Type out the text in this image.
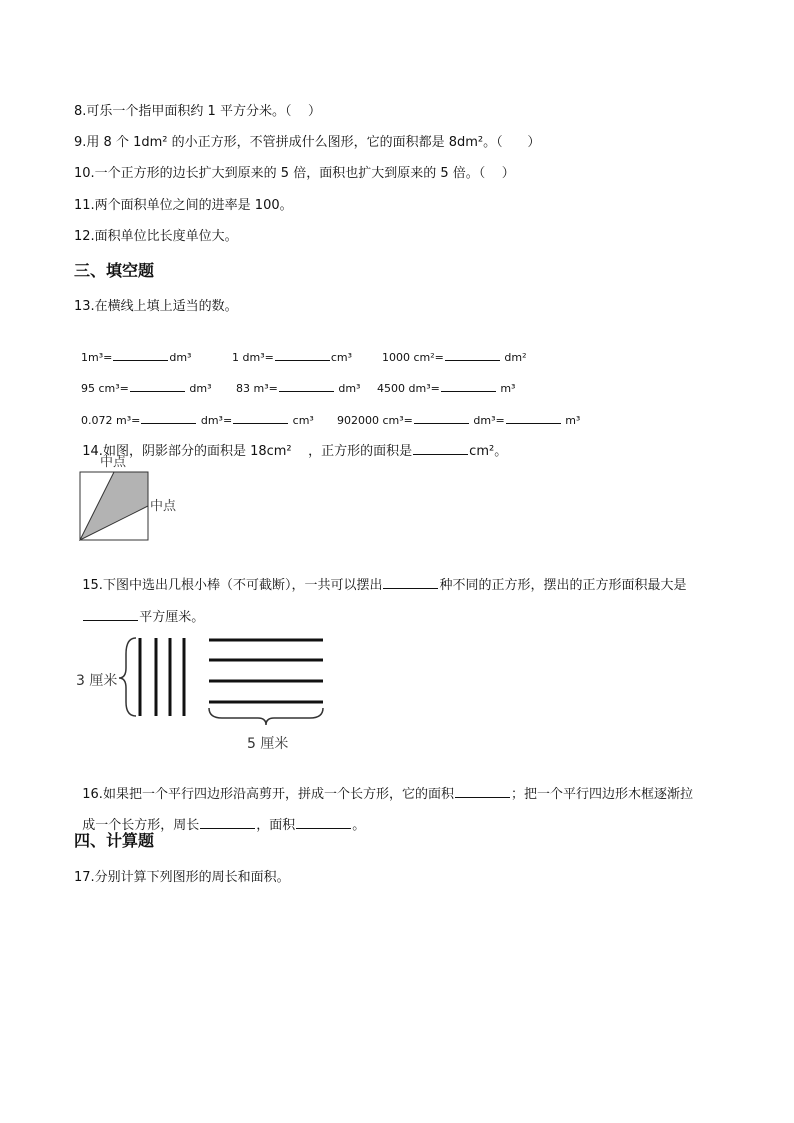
8.可乐一个指甲面积约 1 平方分米。（    ）
9.用 8 个 1dm² 的小正方形，不管拼成什么图形，它的面积都是 8dm²。（      ）
10.一个正方形的边长扩大到原来的 5 倍，面积也扩大到原来的 5 倍。（    ）
11.两个面积单位之间的进率是 100。
12.面积单位比长度单位大。
三、填空题
13.在横线上填上适当的数。

1m³=	dm³	1 dm³=	cm³	1000 cm²=	dm²

95 cm³=	dm³	83 m³=	dm³	4500 dm³=	m³

0.072 m³=	dm³=	cm³	902000 cm³=	dm³=	m³

14.如图，阴影部分的面积是 18cm²    ，正方形的面积是	cm²。

中点
中点

15.下图中选出几根小棒（不可截断），一共可以摆出	种不同的正方形，摆出的正方形面积最大是

平方厘米。

3 厘米
5 厘米

16.如果把一个平行四边形沿高剪开，拼成一个长方形，它的面积	；把一个平行四边形木框逐渐拉

成一个长方形，周长	，面积	。

四、计算题
17.分别计算下列图形的周长和面积。
